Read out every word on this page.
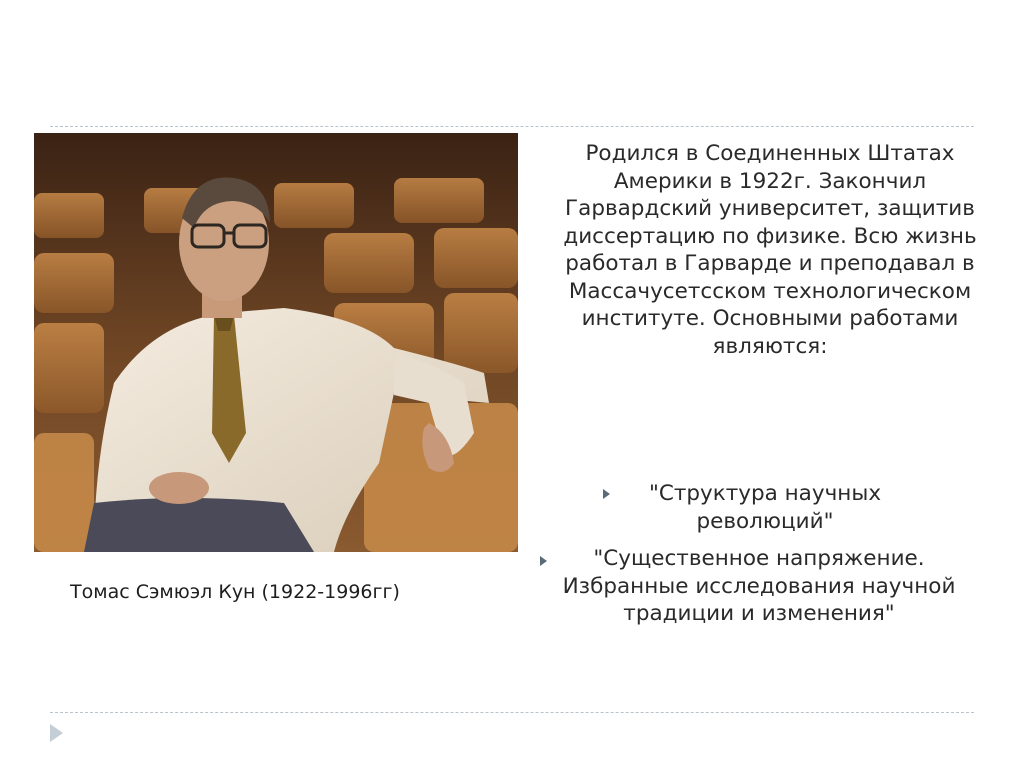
Томас Сэмюэл Кун (1922-1996гг)

Родился в Соединенных Штатах Америки в 1922г. Закончил Гарвардский университет, защитив диссертацию по физике. Всю жизнь работал в Гарварде и преподавал в Массачусетсском технологическом институте. Основными работами являются:

"Структура научных революций"
"Существенное напряжение. Избранные исследования научной традиции и изменения"
